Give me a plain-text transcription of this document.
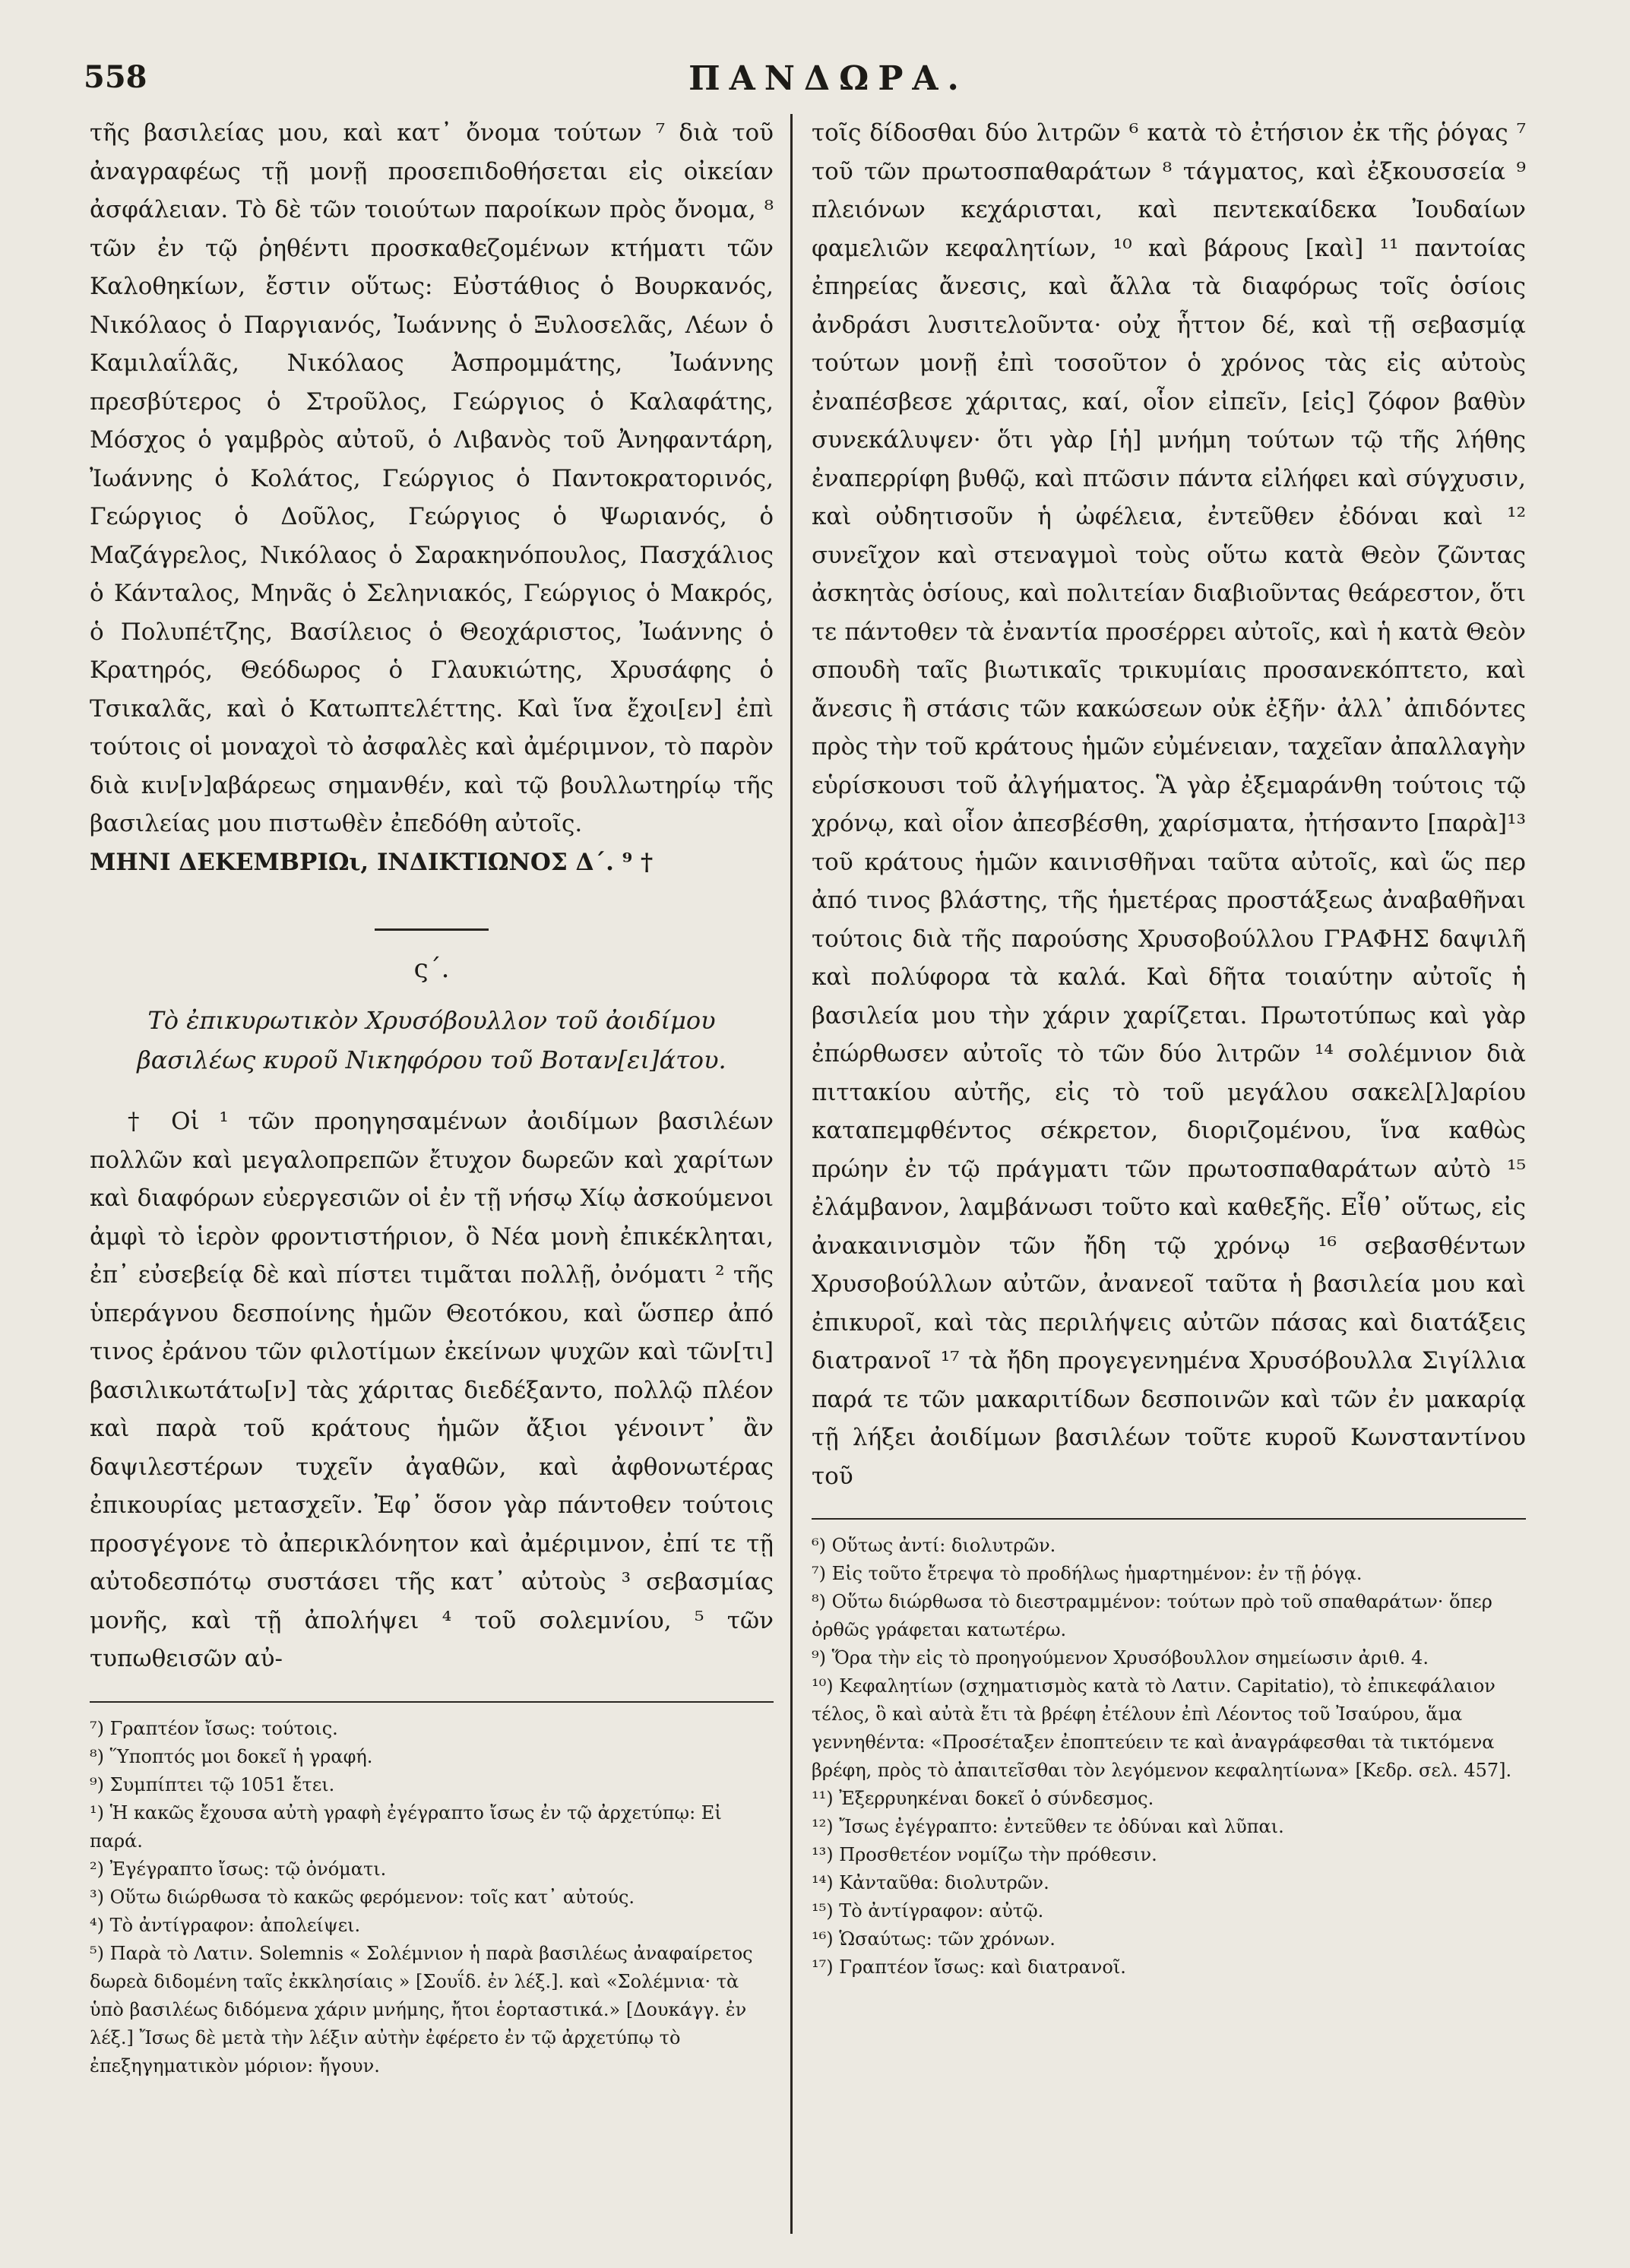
558	ΠΑΝΔΩΡΑ.

τῆς βασιλείας μου, καὶ κατ᾽ ὄνομα τούτων ⁷ διὰ τοῦ ἀναγραφέως τῇ μονῇ προσεπιδοθήσεται εἰς οἰκείαν ἀσφάλειαν. Τὸ δὲ τῶν τοιούτων παροίκων πρὸς ὄνομα, ⁸ τῶν ἐν τῷ ῥηθέντι προσκαθεζομένων κτήματι τῶν Καλοθηκίων, ἔστιν οὕτως: Εὐστάθιος ὁ Βουρκανός, Νικόλαος ὁ Παργιανός, Ἰωάννης ὁ Ξυλοσελᾶς, Λέων ὁ Καμιλαΐλᾶς, Νικόλαος Ἀσπρομμάτης, Ἰωάννης πρεσβύτερος ὁ Στροῦλος, Γεώργιος ὁ Καλαφάτης, Μόσχος ὁ γαμβρὸς αὐτοῦ, ὁ Λιβανὸς τοῦ Ἀνηφαντάρη, Ἰωάννης ὁ Κολάτος, Γεώργιος ὁ Παντοκρατορινός, Γεώργιος ὁ Δοῦλος, Γεώργιος ὁ Ψωριανός, ὁ Μαζάγρελος, Νικόλαος ὁ Σαρακηνόπουλος, Πασχάλιος ὁ Κάνταλος, Μηνᾶς ὁ Σεληνιακός, Γεώργιος ὁ Μακρός, ὁ Πολυπέτζης, Βασίλειος ὁ Θεοχάριστος, Ἰωάννης ὁ Κρατηρός, Θεόδωρος ὁ Γλαυκιώτης, Χρυσάφης ὁ Τσικαλᾶς, καὶ ὁ Κατωπτελέττης. Καὶ ἵνα ἔχοι[εν] ἐπὶ τούτοις οἱ μοναχοὶ τὸ ἀσφαλὲς καὶ ἀμέριμνον, τὸ παρὸν διὰ κιν[ν]αβάρεως σημανθέν, καὶ τῷ βουλλωτηρίῳ τῆς βασιλείας μου πιστωθὲν ἐπεδόθη αὐτοῖς.

ΜΗΝΙ ΔΕΚΕΜΒΡΙΩι, ΙΝΔΙΚΤΙΩΝΟΣ Δ΄. ⁹ †

ς΄.
Τὸ ἐπικυρωτικὸν Χρυσόβουλλον τοῦ ἀοιδίμου βασιλέως κυροῦ Νικηφόρου τοῦ Βοταν[ει]άτου.

† Οἱ ¹ τῶν προηγησαμένων ἀοιδίμων βασιλέων πολλῶν καὶ μεγαλοπρεπῶν ἔτυχον δωρεῶν καὶ χαρίτων καὶ διαφόρων εὐεργεσιῶν οἱ ἐν τῇ νήσῳ Χίῳ ἀσκούμενοι ἀμφὶ τὸ ἱερὸν φροντιστήριον, ὃ Νέα μονὴ ἐπικέκληται, ἐπ᾽ εὐσεβείᾳ δὲ καὶ πίστει τιμᾶται πολλῇ, ὀνόματι ² τῆς ὑπεράγνου δεσποίνης ἡμῶν Θεοτόκου, καὶ ὥσπερ ἀπό τινος ἐράνου τῶν φιλοτίμων ἐκείνων ψυχῶν καὶ τῶν[τι] βασιλικωτάτω[ν] τὰς χάριτας διεδέξαντο, πολλῷ πλέον καὶ παρὰ τοῦ κράτους ἡμῶν ἄξιοι γένοιντ᾽ ἂν δαψιλεστέρων τυχεῖν ἀγαθῶν, καὶ ἀφθονωτέρας ἐπικουρίας μετασχεῖν. Ἐφ᾽ ὅσον γὰρ πάντοθεν τούτοις προσγέγονε τὸ ἀπερικλόνητον καὶ ἀμέριμνον, ἐπί τε τῇ αὐτοδεσπότῳ συστάσει τῆς κατ᾽ αὐτοὺς ³ σεβασμίας μονῆς, καὶ τῇ ἀπολήψει ⁴ τοῦ σολεμνίου, ⁵ τῶν τυπωθεισῶν αὐ-

⁷) Γραπτέον ἴσως: τούτοις.
⁸) Ὕποπτός μοι δοκεῖ ἡ γραφή.
⁹) Συμπίπτει τῷ 1051 ἔτει.
¹) Ἡ κακῶς ἔχουσα αὐτὴ γραφὴ ἐγέγραπτο ἴσως ἐν τῷ ἀρχετύπῳ: Εἰ παρά.
²) Ἐγέγραπτο ἴσως: τῷ ὀνόματι.
³) Οὕτω διώρθωσα τὸ κακῶς φερόμενον: τοῖς κατ᾽ αὐτούς.
⁴) Τὸ ἀντίγραφον: ἀπολείψει.
⁵) Παρὰ τὸ Λατιν. Solemnis « Σολέμνιον ἡ παρὰ βασιλέως ἀναφαίρετος δωρεὰ διδομένη ταῖς ἐκκλησίαις » [Σουΐδ. ἐν λέξ.]. καὶ «Σολέμνια· τὰ ὑπὸ βασιλέως διδόμενα χάριν μνήμης, ἤτοι ἑορταστικά.» [Δουκάγγ. ἐν λέξ.] Ἴσως δὲ μετὰ τὴν λέξιν αὐτὴν ἐφέρετο ἐν τῷ ἀρχετύπῳ τὸ ἐπεξηγηματικὸν μόριον: ἤγουν.

τοῖς δίδοσθαι δύο λιτρῶν ⁶ κατὰ τὸ ἐτήσιον ἐκ τῆς ῥόγας ⁷ τοῦ τῶν πρωτοσπαθαράτων ⁸ τάγματος, καὶ ἐξκουσσεία ⁹ πλειόνων κεχάρισται, καὶ πεντεκαίδεκα Ἰουδαίων φαμελιῶν κεφαλητίων, ¹⁰ καὶ βάρους [καὶ] ¹¹ παντοίας ἐπηρείας ἄνεσις, καὶ ἄλλα τὰ διαφόρως τοῖς ὁσίοις ἀνδράσι λυσιτελοῦντα· οὐχ ἧττον δέ, καὶ τῇ σεβασμίᾳ τούτων μονῇ ἐπὶ τοσοῦτον ὁ χρόνος τὰς εἰς αὐτοὺς ἐναπέσβεσε χάριτας, καί, οἷον εἰπεῖν, [εἰς] ζόφον βαθὺν συνεκάλυψεν· ὅτι γὰρ [ἡ] μνήμη τούτων τῷ τῆς λήθης ἐναπερρίφη βυθῷ, καὶ πτῶσιν πάντα εἰλήφει καὶ σύγχυσιν, καὶ οὐδητισοῦν ἡ ὠφέλεια, ἐντεῦθεν ἐδόναι καὶ ¹² συνεῖχον καὶ στεναγμοὶ τοὺς οὕτω κατὰ Θεὸν ζῶντας ἀσκητὰς ὁσίους, καὶ πολιτείαν διαβιοῦντας θεάρεστον, ὅτι τε πάντοθεν τὰ ἐναντία προσέρρει αὐτοῖς, καὶ ἡ κατὰ Θεὸν σπουδὴ ταῖς βιωτικαῖς τρικυμίαις προσανεκόπτετο, καὶ ἄνεσις ἢ στάσις τῶν κακώσεων οὐκ ἐξῆν· ἀλλ᾽ ἀπιδόντες πρὸς τὴν τοῦ κράτους ἡμῶν εὐμένειαν, ταχεῖαν ἀπαλλαγὴν εὑρίσκουσι τοῦ ἀλγήματος. Ἃ γὰρ ἐξεμαράνθη τούτοις τῷ χρόνῳ, καὶ οἷον ἀπεσβέσθη, χαρίσματα, ἠτήσαντο [παρὰ]¹³ τοῦ κράτους ἡμῶν καινισθῆναι ταῦτα αὐτοῖς, καὶ ὥς περ ἀπό τινος βλάστης, τῆς ἡμετέρας προστάξεως ἀναβαθῆναι τούτοις διὰ τῆς παρούσης Χρυσοβούλλου ΓΡΑΦΗΣ δαψιλῆ καὶ πολύφορα τὰ καλά. Καὶ δῆτα τοιαύτην αὐτοῖς ἡ βασιλεία μου τὴν χάριν χαρίζεται. Πρωτοτύπως καὶ γὰρ ἐπώρθωσεν αὐτοῖς τὸ τῶν δύο λιτρῶν ¹⁴ σολέμνιον διὰ πιττακίου αὐτῆς, εἰς τὸ τοῦ μεγάλου σακελ[λ]αρίου καταπεμφθέντος σέκρετον, διοριζομένου, ἵνα καθὼς πρώην ἐν τῷ πράγματι τῶν πρωτοσπαθαράτων αὐτὸ ¹⁵ ἐλάμβανον, λαμβάνωσι τοῦτο καὶ καθεξῆς. Εἶθ᾽ οὕτως, εἰς ἀνακαινισμὸν τῶν ἤδη τῷ χρόνῳ ¹⁶ σεβασθέντων Χρυσοβούλλων αὐτῶν, ἀνανεοῖ ταῦτα ἡ βασιλεία μου καὶ ἐπικυροῖ, καὶ τὰς περιλήψεις αὐτῶν πάσας καὶ διατάξεις διατρανοῖ ¹⁷ τὰ ἤδη προγεγενημένα Χρυσόβουλλα Σιγίλλια παρά τε τῶν μακαριτίδων δεσποινῶν καὶ τῶν ἐν μακαρίᾳ τῇ λήξει ἀοιδίμων βασιλέων τοῦτε κυροῦ Κωνσταντίνου τοῦ

⁶) Οὕτως ἀντί: διολυτρῶν.
⁷) Εἰς τοῦτο ἔτρεψα τὸ προδήλως ἡμαρτημένον: ἐν τῇ ῥόγᾳ.
⁸) Οὕτω διώρθωσα τὸ διεστραμμένον: τούτων πρὸ τοῦ σπαθαράτων· ὅπερ ὀρθῶς γράφεται κατωτέρω.
⁹) Ὅρα τὴν εἰς τὸ προηγούμενον Χρυσόβουλλον σημείωσιν ἀριθ. 4.
¹⁰) Κεφαλητίων (σχηματισμὸς κατὰ τὸ Λατιν. Capitatio), τὸ ἐπικεφάλαιον τέλος, ὃ καὶ αὐτὰ ἔτι τὰ βρέφη ἐτέλουν ἐπὶ Λέοντος τοῦ Ἰσαύρου, ἅμα γεννηθέντα: «Προσέταξεν ἐποπτεύειν τε καὶ ἀναγράφεσθαι τὰ τικτόμενα βρέφη, πρὸς τὸ ἀπαιτεῖσθαι τὸν λεγόμενον κεφαλητίωνα» [Κεδρ. σελ. 457].
¹¹) Ἐξερρυηκέναι δοκεῖ ὁ σύνδεσμος.
¹²) Ἴσως ἐγέγραπτο: ἐντεῦθεν τε ὀδύναι καὶ λῦπαι.
¹³) Προσθετέον νομίζω τὴν πρόθεσιν.
¹⁴) Κἀνταῦθα: διολυτρῶν.
¹⁵) Τὸ ἀντίγραφον: αὐτῷ.
¹⁶) Ὡσαύτως: τῶν χρόνων.
¹⁷) Γραπτέον ἴσως: καὶ διατρανοῖ.
